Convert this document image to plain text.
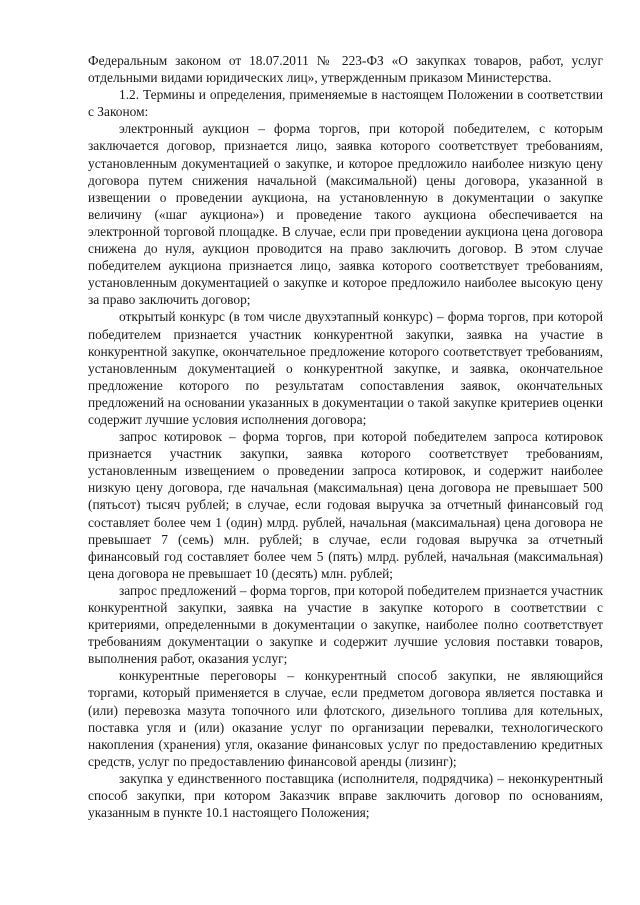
Федеральным законом от 18.07.2011 № 223-ФЗ «О закупках товаров, работ, услуг отдельными видами юридических лиц», утвержденным приказом Министерства.

1.2. Термины и определения, применяемые в настоящем Положении в соответствии с Законом:

электронный аукцион – форма торгов, при которой победителем, с которым заключается договор, признается лицо, заявка которого соответствует требованиям, установленным документацией о закупке, и которое предложило наиболее низкую цену договора путем снижения начальной (максимальной) цены договора, указанной в извещении о проведении аукциона, на установленную в документации о закупке величину («шаг аукциона») и проведение такого аукциона обеспечивается на электронной торговой площадке. В случае, если при проведении аукциона цена договора снижена до нуля, аукцион проводится на право заключить договор. В этом случае победителем аукциона признается лицо, заявка которого соответствует требованиям, установленным документацией о закупке и которое предложило наиболее высокую цену за право заключить договор;

открытый конкурс (в том числе двухэтапный конкурс) – форма торгов, при которой победителем признается участник конкурентной закупки, заявка на участие в конкурентной закупке, окончательное предложение которого соответствует требованиям, установленным документацией о конкурентной закупке, и заявка, окончательное предложение которого по результатам сопоставления заявок, окончательных предложений на основании указанных в документации о такой закупке критериев оценки содержит лучшие условия исполнения договора;

запрос котировок – форма торгов, при которой победителем запроса котировок признается участник закупки, заявка которого соответствует требованиям, установленным извещением о проведении запроса котировок, и содержит наиболее низкую цену договора, где начальная (максимальная) цена договора не превышает 500 (пятьсот) тысяч рублей; в случае, если годовая выручка за отчетный финансовый год составляет более чем 1 (один) млрд. рублей, начальная (максимальная) цена договора не превышает 7 (семь) млн. рублей; в случае, если годовая выручка за отчетный финансовый год составляет более чем 5 (пять) млрд. рублей, начальная (максимальная) цена договора не превышает 10 (десять) млн. рублей;

запрос предложений – форма торгов, при которой победителем признается участник конкурентной закупки, заявка на участие в закупке которого в соответствии с критериями, определенными в документации о закупке, наиболее полно соответствует требованиям документации о закупке и содержит лучшие условия поставки товаров, выполнения работ, оказания услуг;

конкурентные переговоры – конкурентный способ закупки, не являющийся торгами, который применяется в случае, если предметом договора является поставка и (или) перевозка мазута топочного или флотского, дизельного топлива для котельных, поставка угля и (или) оказание услуг по организации перевалки, технологического накопления (хранения) угля, оказание финансовых услуг по предоставлению кредитных средств, услуг по предоставлению финансовой аренды (лизинг);

закупка у единственного поставщика (исполнителя, подрядчика) – неконкурентный способ закупки, при котором Заказчик вправе заключить договор по основаниям, указанным в пункте 10.1 настоящего Положения;
